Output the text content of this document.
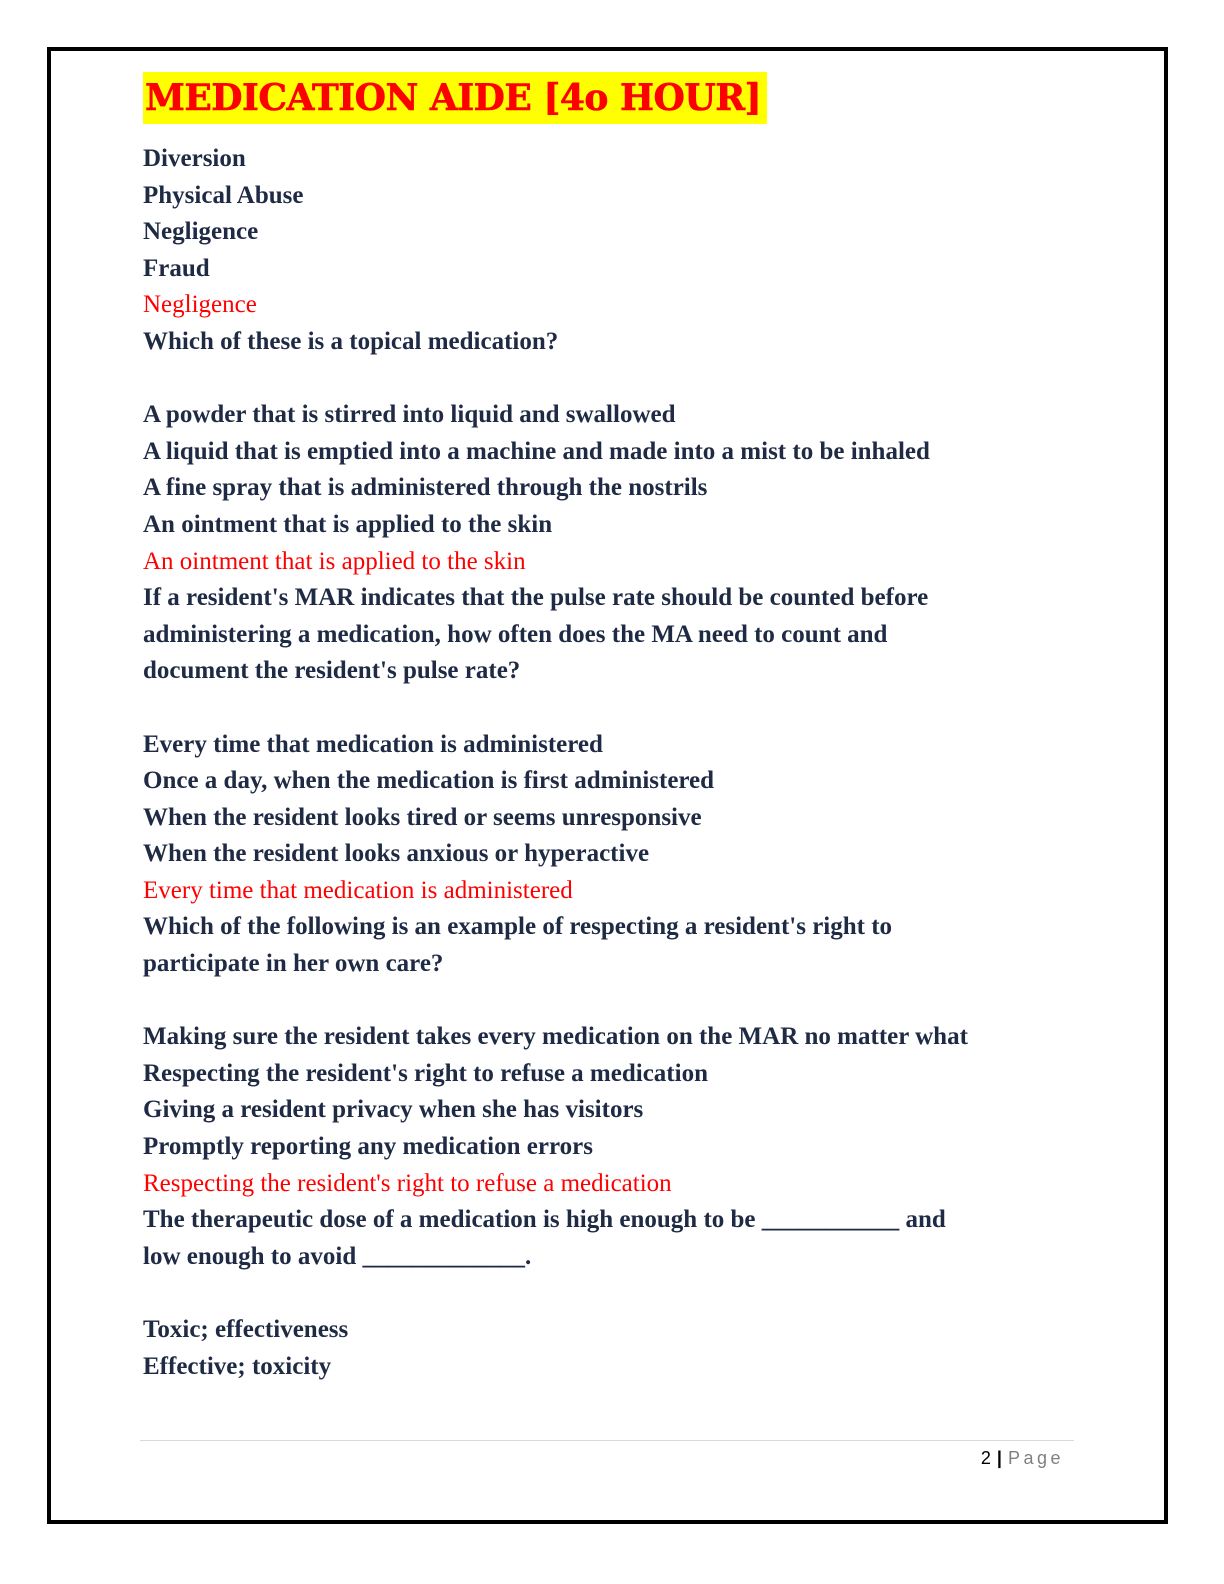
MEDICATION AIDE [4o HOUR]
Diversion
Physical Abuse
Negligence
Fraud
Negligence
Which of these is a topical medication?
A powder that is stirred into liquid and swallowed
A liquid that is emptied into a machine and made into a mist to be inhaled
A fine spray that is administered through the nostrils
An ointment that is applied to the skin
An ointment that is applied to the skin
If a resident's MAR indicates that the pulse rate should be counted before
administering a medication, how often does the MA need to count and
document the resident's pulse rate?
Every time that medication is administered
Once a day, when the medication is first administered
When the resident looks tired or seems unresponsive
When the resident looks anxious or hyperactive
Every time that medication is administered
Which of the following is an example of respecting a resident's right to
participate in her own care?
Making sure the resident takes every medication on the MAR no matter what
Respecting the resident's right to refuse a medication
Giving a resident privacy when she has visitors
Promptly reporting any medication errors
Respecting the resident's right to refuse a medication
The therapeutic dose of a medication is high enough to be ___________ and
low enough to avoid _____________.
Toxic; effectiveness
Effective; toxicity
2 | Page
